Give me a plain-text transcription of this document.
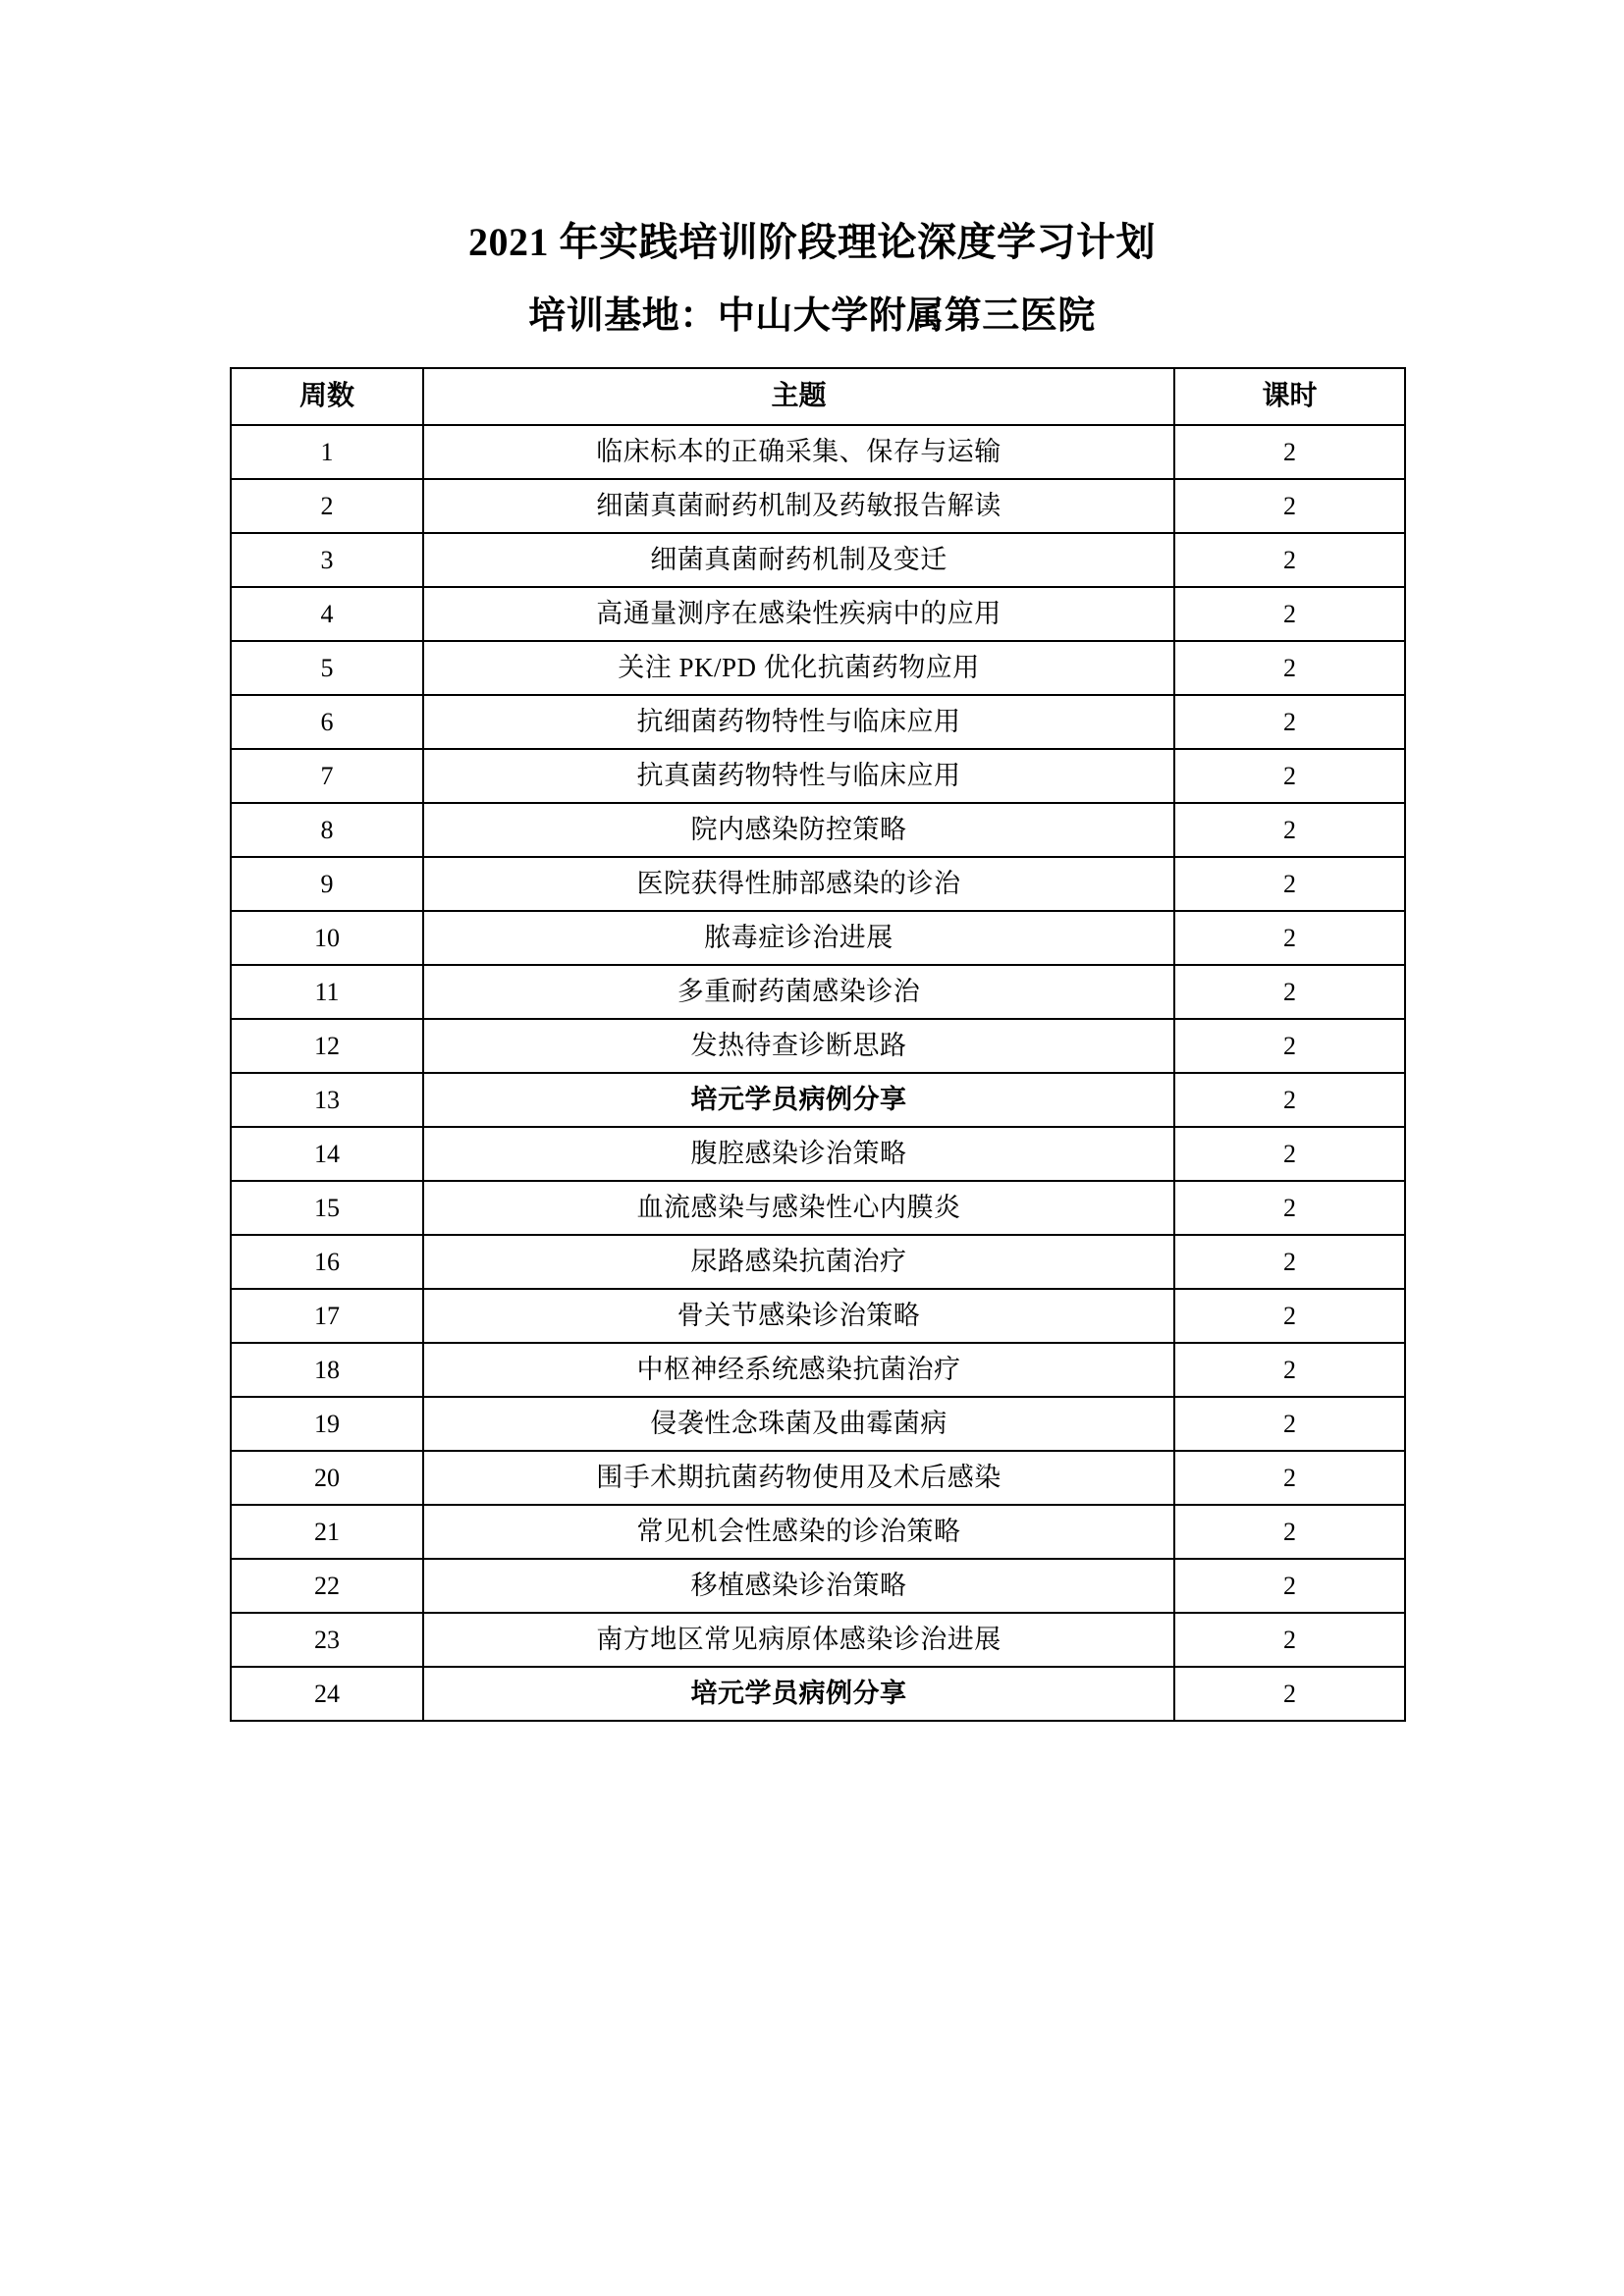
2021 年实践培训阶段理论深度学习计划
培训基地：中山大学附属第三医院
周数	主题	课时
1	临床标本的正确采集、保存与运输	2
2	细菌真菌耐药机制及药敏报告解读	2
3	细菌真菌耐药机制及变迁	2
4	高通量测序在感染性疾病中的应用	2
5	关注 PK/PD 优化抗菌药物应用	2
6	抗细菌药物特性与临床应用	2
7	抗真菌药物特性与临床应用	2
8	院内感染防控策略	2
9	医院获得性肺部感染的诊治	2
10	脓毒症诊治进展	2
11	多重耐药菌感染诊治	2
12	发热待查诊断思路	2
13	培元学员病例分享	2
14	腹腔感染诊治策略	2
15	血流感染与感染性心内膜炎	2
16	尿路感染抗菌治疗	2
17	骨关节感染诊治策略	2
18	中枢神经系统感染抗菌治疗	2
19	侵袭性念珠菌及曲霉菌病	2
20	围手术期抗菌药物使用及术后感染	2
21	常见机会性感染的诊治策略	2
22	移植感染诊治策略	2
23	南方地区常见病原体感染诊治进展	2
24	培元学员病例分享	2
